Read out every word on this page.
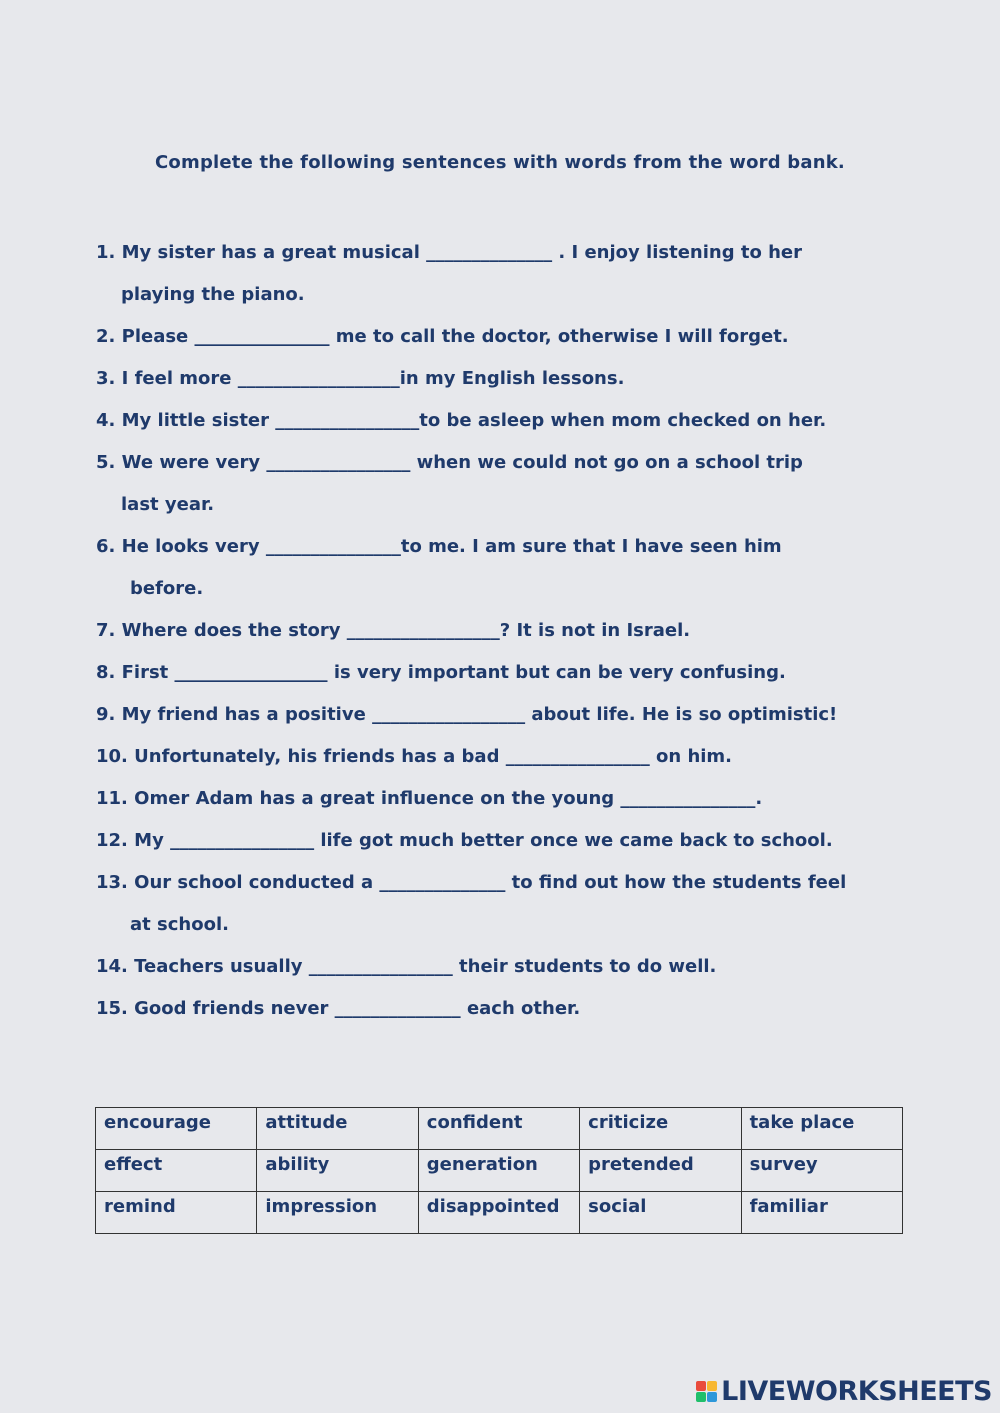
Complete the following sentences with words from the word bank.
1. My sister has a great musical ______________ . I enjoy listening to her
playing the piano.
2. Please _______________ me to call the doctor, otherwise I will forget.
3. I feel more __________________in my English lessons.
4. My little sister ________________to be asleep when mom checked on her.
5. We were very ________________ when we could not go on a school trip
last year.
6. He looks very _______________to me. I am sure that I have seen him
before.
7. Where does the story _________________? It is not in Israel.
8. First _________________ is very important but can be very confusing.
9. My friend has a positive _________________ about life. He is so optimistic!
10. Unfortunately, his friends has a bad ________________ on him.
11. Omer Adam has a great influence on the young _______________.
12. My ________________ life got much better once we came back to school.
13. Our school conducted a ______________ to find out how the students feel
at school.
14. Teachers usually ________________ their students to do well.
15. Good friends never ______________ each other.
encourage	attitude	confident	criticize	take place
effect	ability	generation	pretended	survey
remind	impression	disappointed	social	familiar
LIVEWORKSHEETS
